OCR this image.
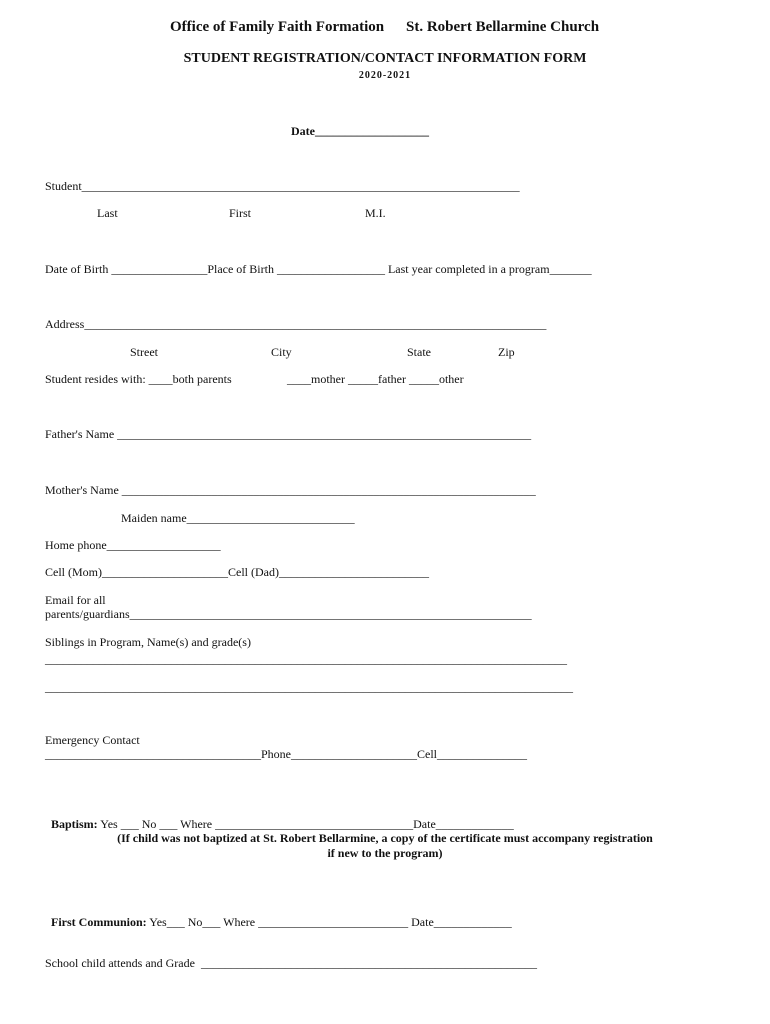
Office of Family Faith Formation St. Robert Bellarmine Church
STUDENT REGISTRATION/CONTACT INFORMATION FORM
2020-2021
Date___________________
Student_________________________________________________________________________
Last	First	M.I.
Date of Birth ________________Place of Birth __________________ Last year completed in a program_______
Address_____________________________________________________________________________
Street	City	State	Zip
Student resides with: ____both parents	____mother _____father _____other
Father's Name _____________________________________________________________________
Mother's Name _____________________________________________________________________
Maiden name____________________________
Home phone___________________
Cell (Mom)_____________________Cell (Dad)_________________________
Email for all
parents/guardians___________________________________________________________________
Siblings in Program, Name(s) and grade(s)
_______________________________________________________________________________________
________________________________________________________________________________________
Emergency Contact
____________________________________Phone_____________________Cell_______________

Baptism: Yes ___ No ___ Where _________________________________Date_____________

(If child was not baptized at St. Robert Bellarmine, a copy of the certificate must accompany registration
if new to the program)

First Communion: Yes___ No___ Where _________________________ Date_____________

School child attends and Grade  ________________________________________________________
